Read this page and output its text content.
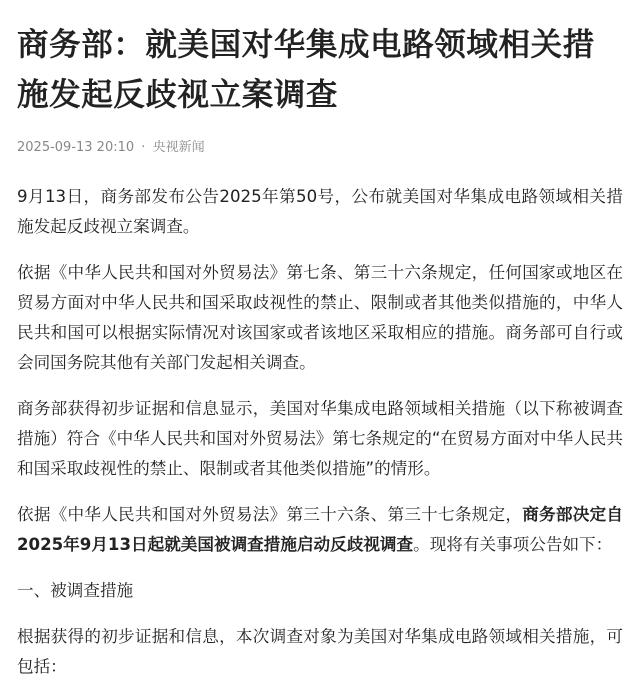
商务部：就美国对华集成电路领域相关措施发起反歧视立案调查
2025-09-13 20:10 · 央视新闻

9月13日，商务部发布公告2025年第50号，公布就美国对华集成电路领域相关措施发起反歧视立案调查。

依据《中华人民共和国对外贸易法》第七条、第三十六条规定，任何国家或地区在贸易方面对中华人民共和国采取歧视性的禁止、限制或者其他类似措施的，中华人民共和国可以根据实际情况对该国家或者该地区采取相应的措施。商务部可自行或会同国务院其他有关部门发起相关调查。

商务部获得初步证据和信息显示，美国对华集成电路领域相关措施（以下称被调查措施）符合《中华人民共和国对外贸易法》第七条规定的“在贸易方面对中华人民共和国采取歧视性的禁止、限制或者其他类似措施”的情形。

依据《中华人民共和国对外贸易法》第三十六条、第三十七条规定，商务部决定自2025年9月13日起就美国被调查措施启动反歧视调查。现将有关事项公告如下：

一、被调查措施

根据获得的初步证据和信息，本次调查对象为美国对华集成电路领域相关措施，可包括：
